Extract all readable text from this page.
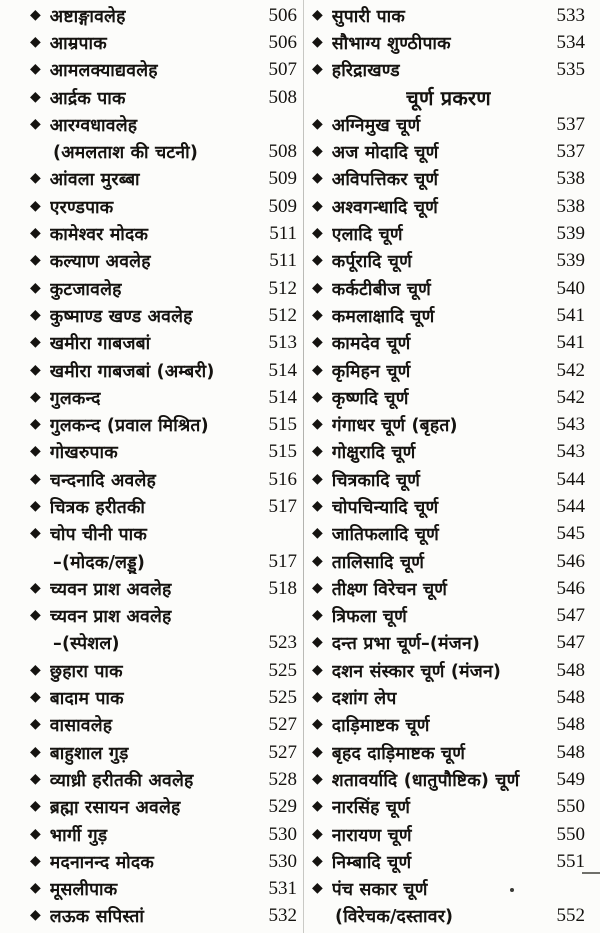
◆ अष्टाङ्गावलेह	506
◆ आम्रपाक	506
◆ आमलक्याद्यवलेह	507
◆ आर्द्रक पाक	508
◆ आरग्वधावलेह
(अमलताश की चटनी)	508
◆ आंवला मुरब्बा	509
◆ एरण्डपाक	509
◆ कामेश्वर मोदक	511
◆ कल्याण अवलेह	511
◆ कुटजावलेह	512
◆ कुष्माण्ड खण्ड अवलेह	512
◆ खमीरा गाबजबां	513
◆ खमीरा गाबजबां (अम्बरी)	514
◆ गुलकन्द	514
◆ गुलकन्द (प्रवाल मिश्रित)	515
◆ गोखरुपाक	515
◆ चन्दनादि अवलेह	516
◆ चित्रक हरीतकी	517
◆ चोप चीनी पाक
–(मोदक/लड्डू)	517
◆ च्यवन प्राश अवलेह	518
◆ च्यवन प्राश अवलेह
–(स्पेशल)	523
◆ छुहारा पाक	525
◆ बादाम पाक	525
◆ वासावलेह	527
◆ बाहुशाल गुड़	527
◆ व्याध्री हरीतकी अवलेह	528
◆ ब्रह्मा रसायन अवलेह	529
◆ भार्गी गुड़	530
◆ मदनानन्द मोदक	530
◆ मूसलीपाक	531
◆ लऊक सपिस्तां	532
◆ सुपारी पाक	533
◆ सौभाग्य शुण्ठीपाक	534
◆ हरिद्राखण्ड	535
चूर्ण प्रकरण
◆ अग्निमुख चूर्ण	537
◆ अज मोदादि चूर्ण	537
◆ अविपत्तिकर चूर्ण	538
◆ अश्वगन्धादि चूर्ण	538
◆ एलादि चूर्ण	539
◆ कर्पूरादि चूर्ण	539
◆ कर्कटीबीज चूर्ण	540
◆ कमलाक्षादि चूर्ण	541
◆ कामदेव चूर्ण	541
◆ कृमिहन चूर्ण	542
◆ कृष्णदि चूर्ण	542
◆ गंगाधर चूर्ण (बृहत)	543
◆ गोक्षुरादि चूर्ण	543
◆ चित्रकादि चूर्ण	544
◆ चोपचिन्यादि चूर्ण	544
◆ जातिफलादि चूर्ण	545
◆ तालिसादि चूर्ण	546
◆ तीक्ष्ण विरेचन चूर्ण	546
◆ त्रिफला चूर्ण	547
◆ दन्त प्रभा चूर्ण–(मंजन)	547
◆ दशन संस्कार चूर्ण (मंजन)	548
◆ दशांग लेप	548
◆ दाड़िमाष्टक चूर्ण	548
◆ बृहद दाड़िमाष्टक चूर्ण	548
◆ शतावर्यादि (धातुपौष्टिक) चूर्ण	549
◆ नारसिंह चूर्ण	550
◆ नारायण चूर्ण	550
◆ निम्बादि चूर्ण	551
◆ पंच सकार चूर्ण
(विरेचक/दस्तावर)	552
